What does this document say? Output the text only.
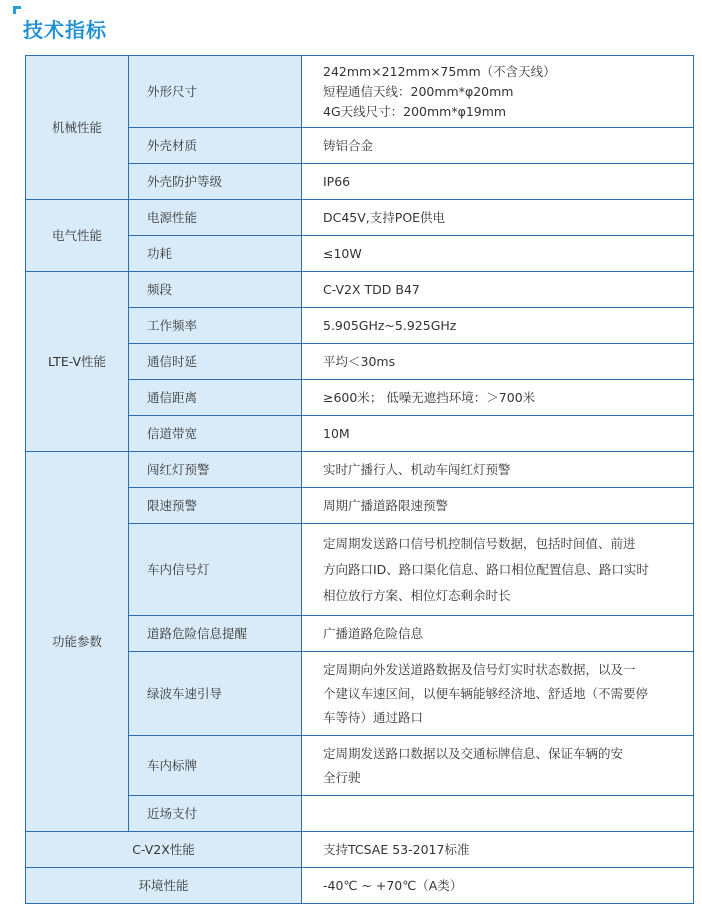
技术指标
机械性能	外形尺寸	242mm×212mm×75mm（不含天线）
短程通信天线：200mm*φ20mm
4G天线尺寸：200mm*φ19mm

	外壳材质	铸铝合金
	外壳防护等级	IP66
电气性能	电源性能	DC45V,支持POE供电
	功耗	≤10W
LTE-V性能	频段	C-V2X TDD B47
	工作频率	5.905GHz~5.925GHz
	通信时延	平均＜30ms
	通信距离	≥600米； 低噪无遮挡环境：＞700米
	信道带宽	10M
功能参数	闯红灯预警	实时广播行人、机动车闯红灯预警
	限速预警	周期广播道路限速预警
	车内信号灯	定周期发送路口信号机控制信号数据，包括时间值、前进
方向路口ID、路口渠化信息、路口相位配置信息、路口实时
相位放行方案、相位灯态剩余时长

	道路危险信息提醒	广播道路危险信息
	绿波车速引导	定周期向外发送道路数据及信号灯实时状态数据，以及一
个建议车速区间，以便车辆能够经济地、舒适地（不需要停
车等待）通过路口

	车内标牌	定周期发送路口数据以及交通标牌信息、保证车辆的安
全行驶

	近场支付	
C-V2X性能		支持TCSAE 53-2017标准
环境性能		-40℃ ~ +70℃（A类）
